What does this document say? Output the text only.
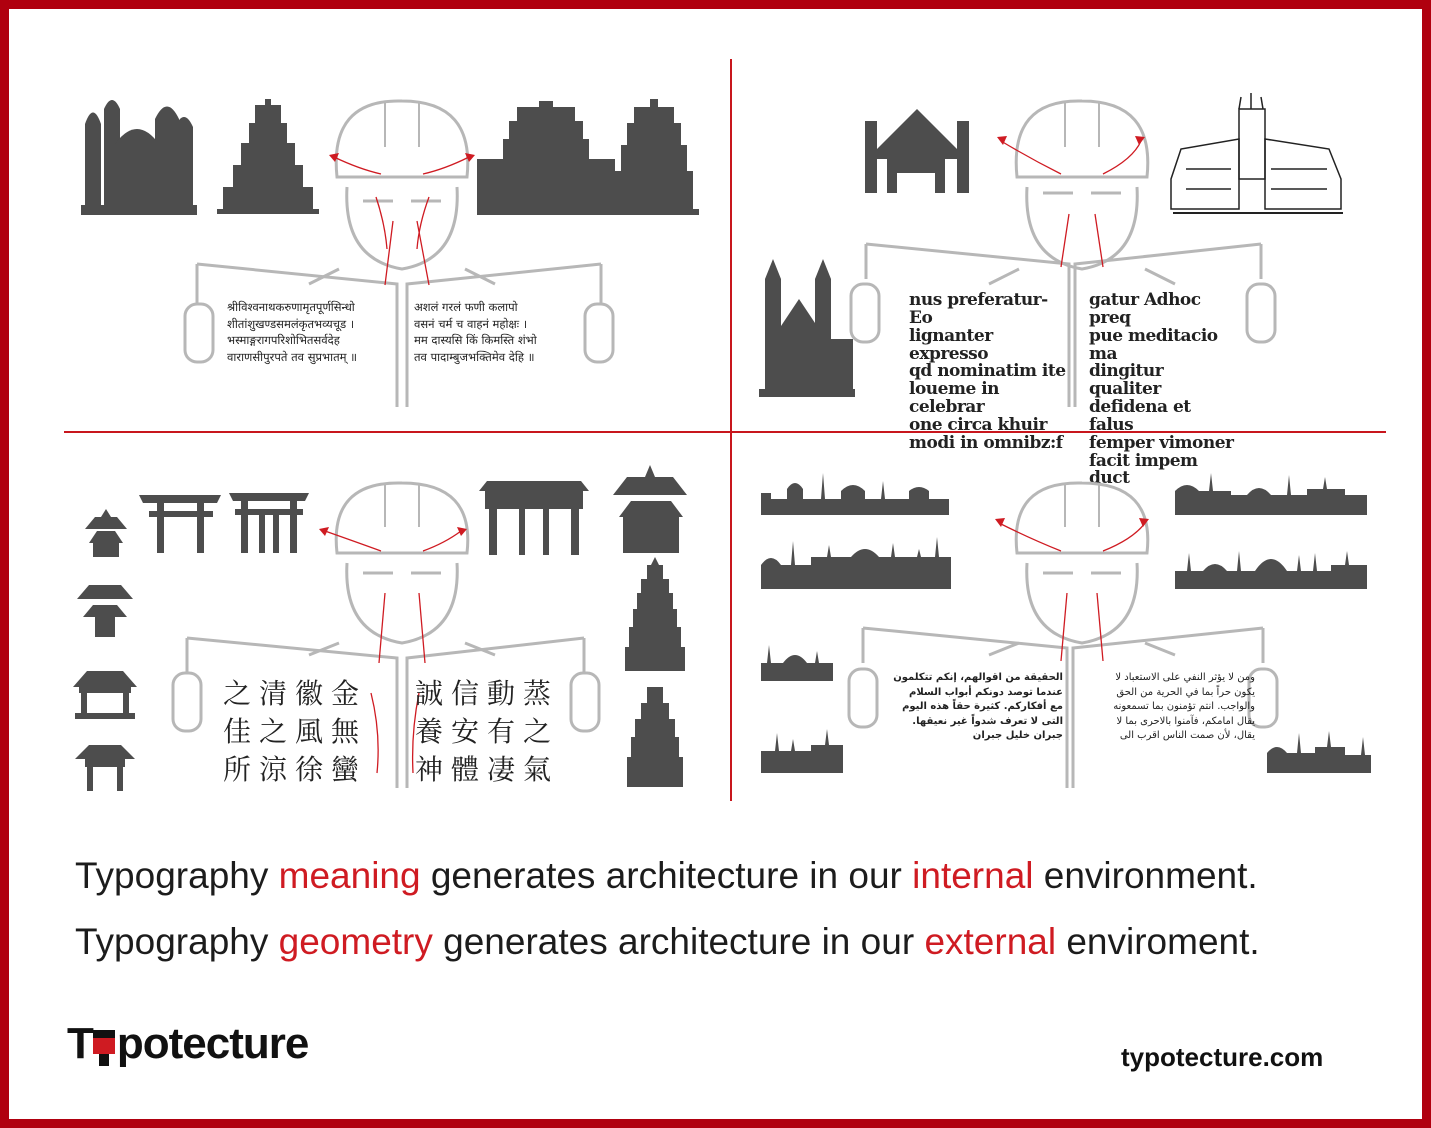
श्रीविश्वनाथकरुणामृतपूर्णसिन्धो
शीतांशुखण्डसमलंकृतभव्यचूड ।
भस्माङ्गरागपरिशोभितसर्वदेह
वाराणसीपुरपते तव सुप्रभातम् ॥
अशलं गरलं फणी कलापो
वसनं चर्म च वाहनं महोक्षः ।
मम दास्यसि किं किमस्ति शंभो
तव पादाम्बुजभक्तिमेव देहि ॥
nus preferatur-Eo
lignanter expresso
qd nominatim ite
loueme in celebrar
one circa khuir
modi in omnibz:f
gatur Adhoc preq
pue meditacio ma
dingitur qualiter
defidena et falus
femper vimoner
facit impem duct
之清徽金
佳之風無
所涼徐蠻
誠信動蒸
養安有之
神體凄氣
الحقيقة من اقوالهم، إنكم تتكلمون
عندما توصد دونكم أبواب السلام
مع أفكاركم. كثيرة حقاً هذه اليوم
التى لا تعرف شدواً غير نعيقها.
جبران خليل جبران
ومن لا يؤثر النفي على الاستعباد لا
يكون حراً بما في الحرية من الحق
والواجب. انتم تؤمنون بما تسمعونه
يقال امامكم، فآمنوا بالاحرى بما لا
يقال، لأن صمت الناس اقرب الى
Typography meaning generates architecture in our internal environment.
Typography geometry generates architecture in our external enviroment.
T potecture	typotecture.com
